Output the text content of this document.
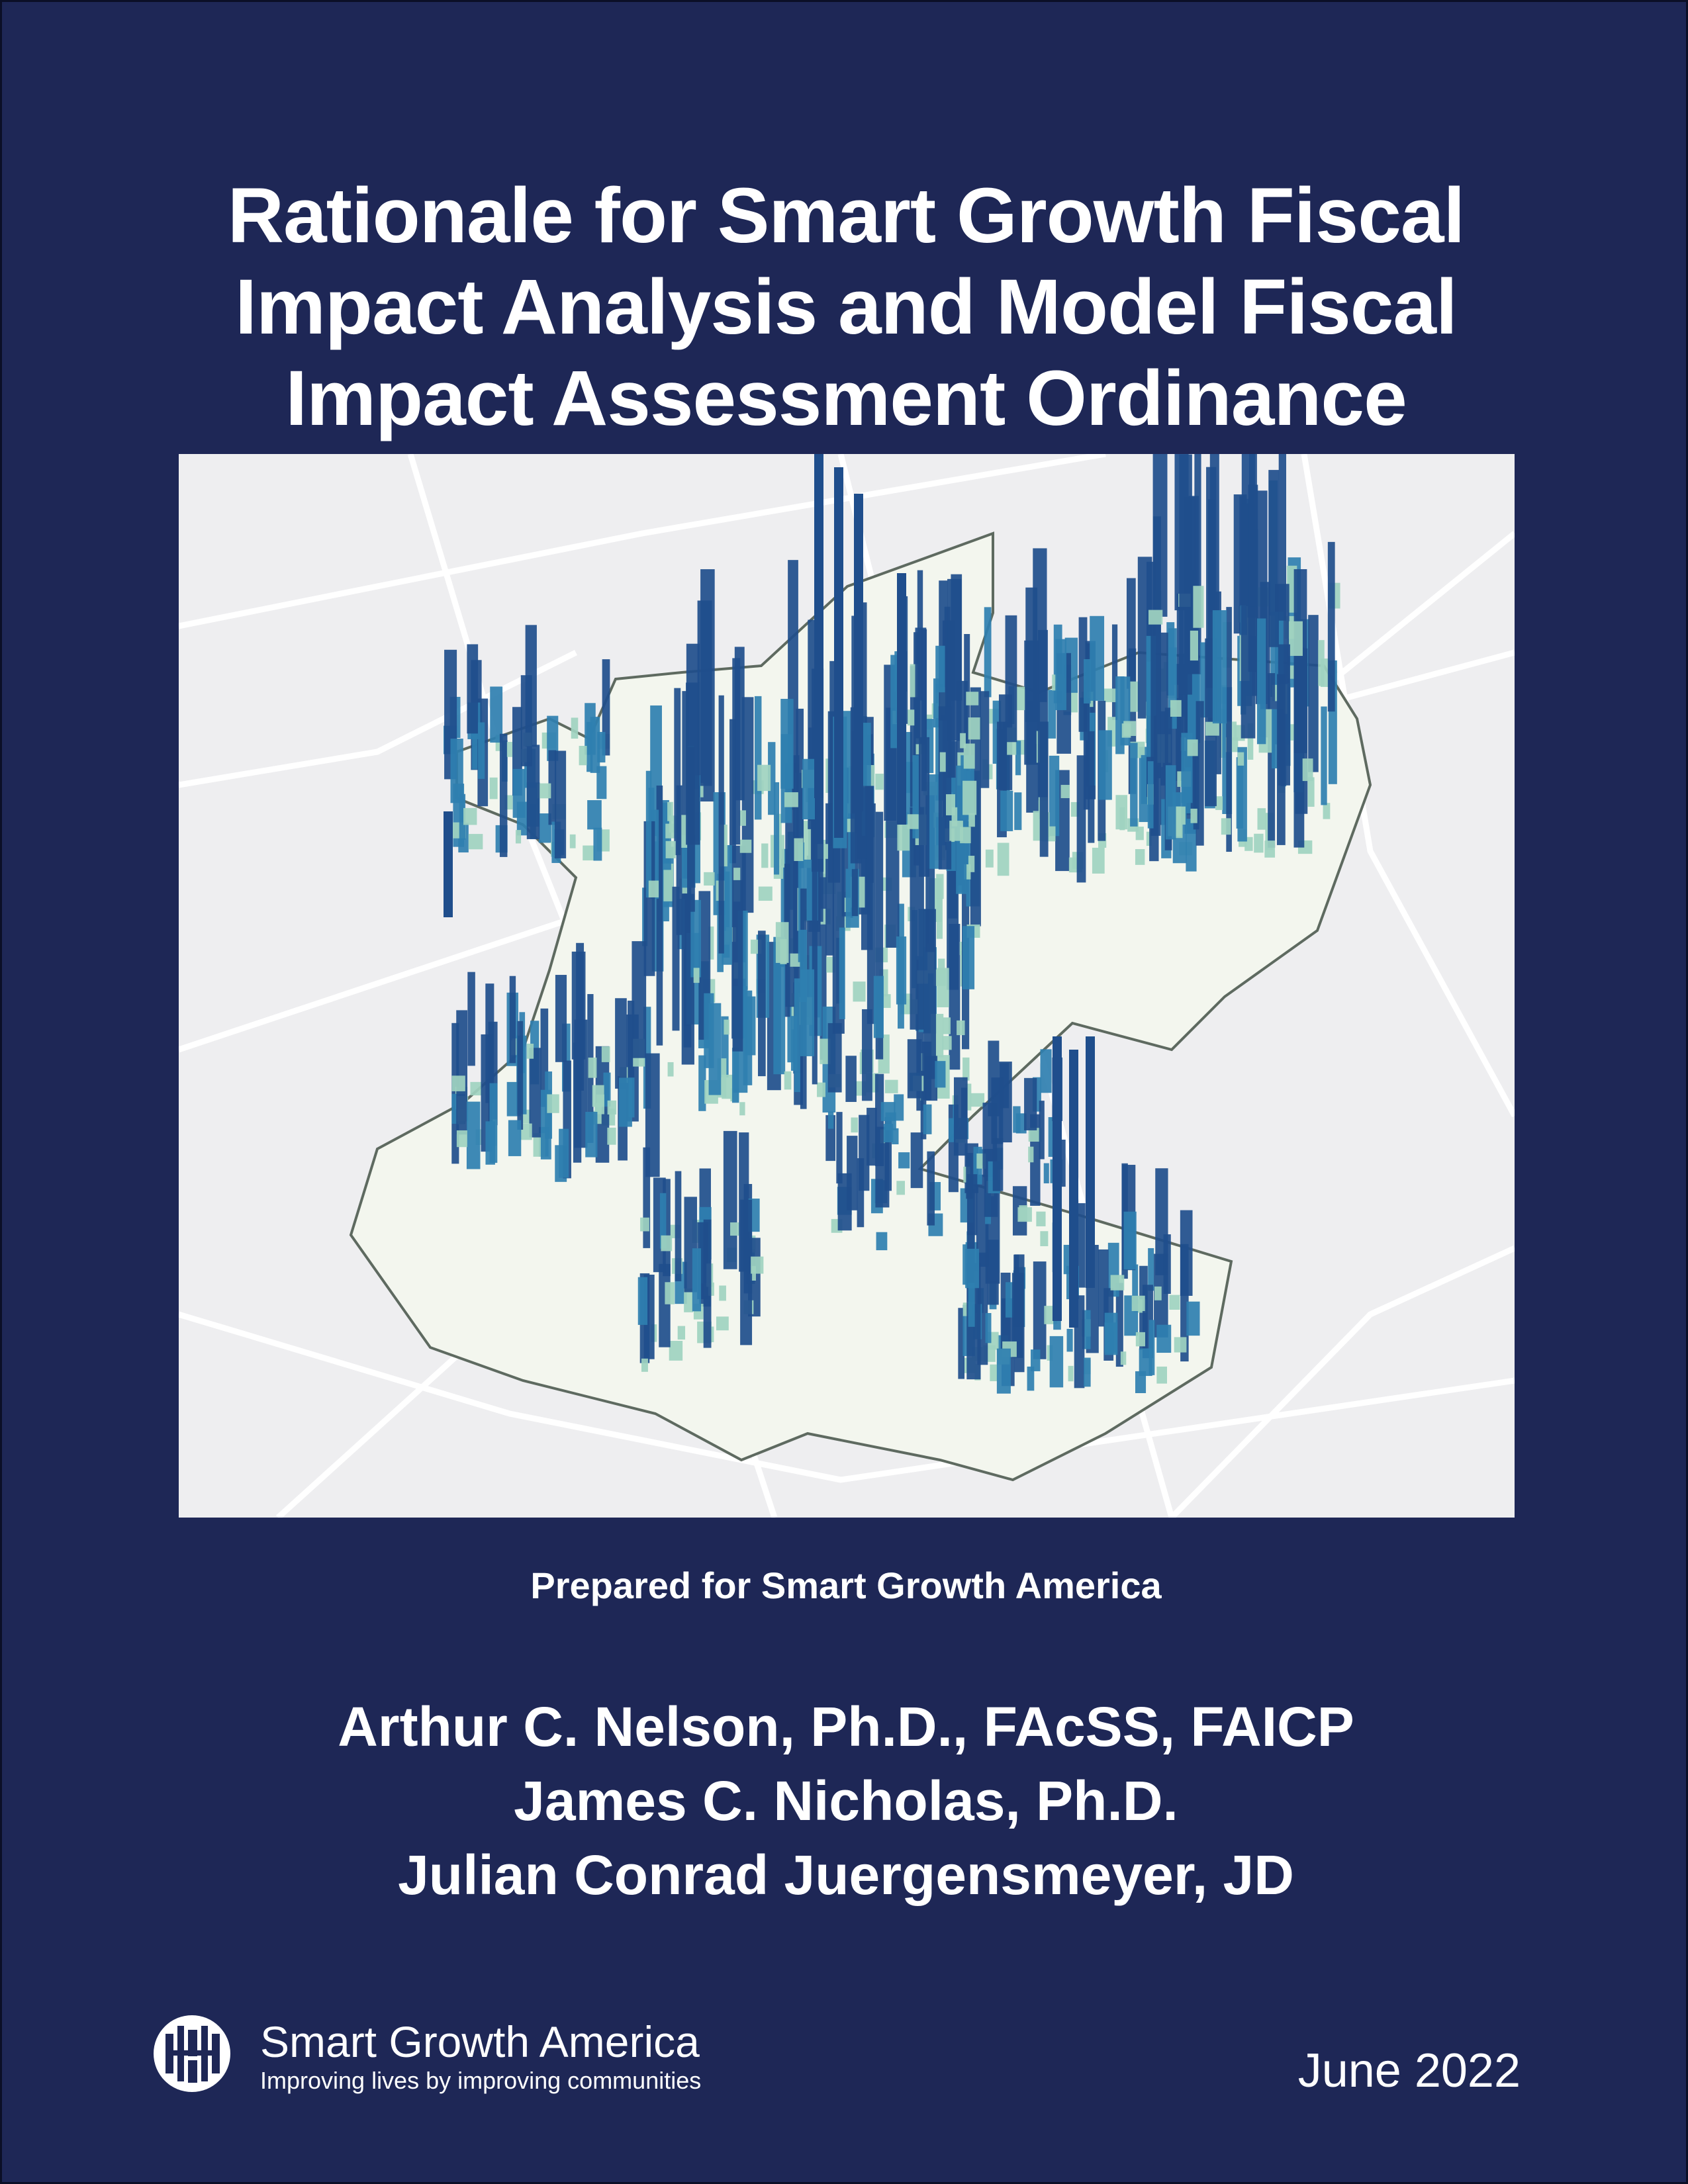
Rationale for Smart Growth Fiscal
Impact Analysis and Model Fiscal
Impact Assessment Ordinance
Prepared for Smart Growth America
Arthur C. Nelson, Ph.D., FAcSS, FAICP
James C. Nicholas, Ph.D.
Julian Conrad Juergensmeyer, JD
Smart Growth America
Improving lives by improving communities	June 2022
